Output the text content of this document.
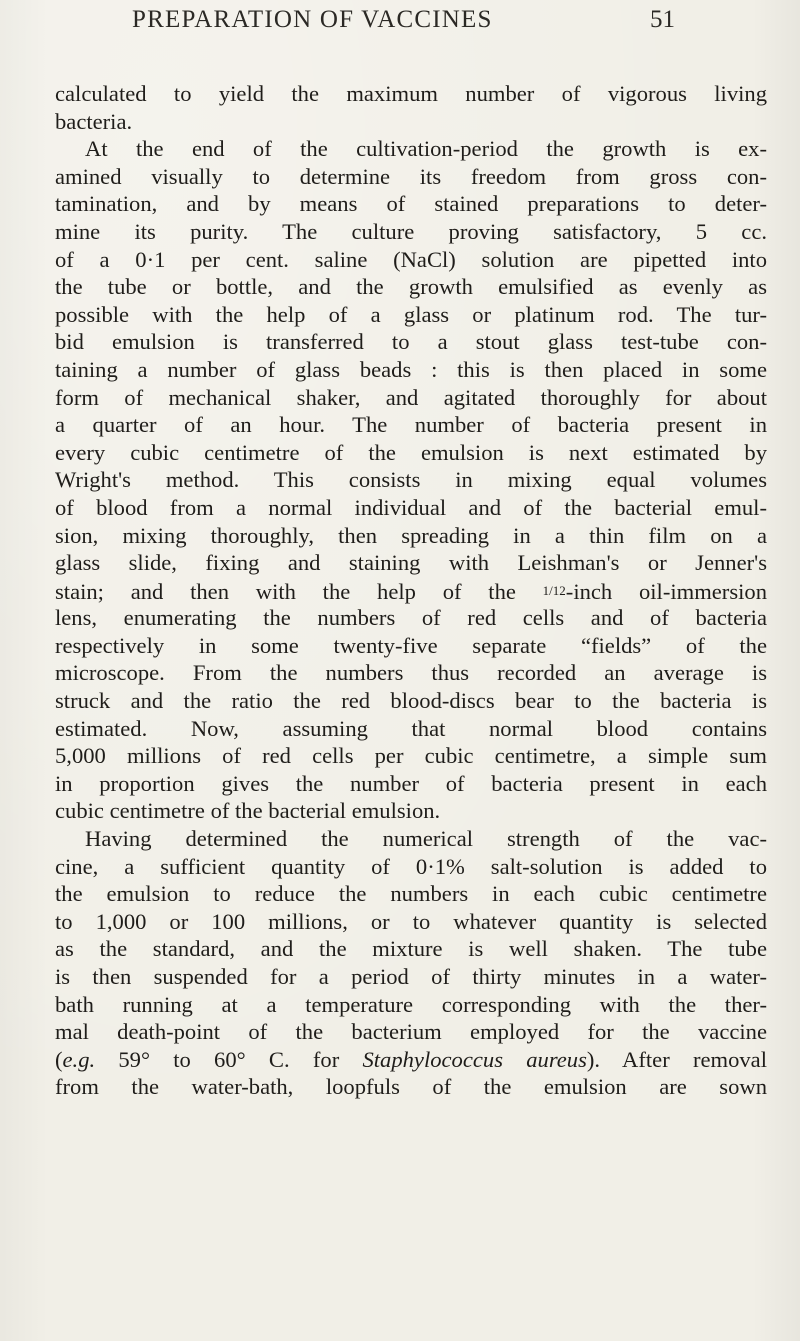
PREPARATION OF VACCINES	51
calculated to yield the maximum number of vigorous living
bacteria.
At the end of the cultivation-period the growth is ex-
amined visually to determine its freedom from gross con-
tamination, and by means of stained preparations to deter-
mine its purity. The culture proving satisfactory, 5 cc.
of a 0·1 per cent. saline (NaCl) solution are pipetted into
the tube or bottle, and the growth emulsified as evenly as
possible with the help of a glass or platinum rod. The tur-
bid emulsion is transferred to a stout glass test-tube con-
taining a number of glass beads : this is then placed in some
form of mechanical shaker, and agitated thoroughly for about
a quarter of an hour. The number of bacteria present in
every cubic centimetre of the emulsion is next estimated by
Wright's method. This consists in mixing equal volumes
of blood from a normal individual and of the bacterial emul-
sion, mixing thoroughly, then spreading in a thin film on a
glass slide, fixing and staining with Leishman's or Jenner's
stain; and then with the help of the 1/12-inch oil-immersion
lens, enumerating the numbers of red cells and of bacteria
respectively in some twenty-five separate “fields” of the
microscope. From the numbers thus recorded an average is
struck and the ratio the red blood-discs bear to the bacteria is
estimated. Now, assuming that normal blood contains
5,000 millions of red cells per cubic centimetre, a simple sum
in proportion gives the number of bacteria present in each
cubic centimetre of the bacterial emulsion.
Having determined the numerical strength of the vac-
cine, a sufficient quantity of 0·1% salt-solution is added to
the emulsion to reduce the numbers in each cubic centimetre
to 1,000 or 100 millions, or to whatever quantity is selected
as the standard, and the mixture is well shaken. The tube
is then suspended for a period of thirty minutes in a water-
bath running at a temperature corresponding with the ther-
mal death-point of the bacterium employed for the vaccine
(e.g. 59° to 60° C. for Staphylococcus aureus). After removal
from the water-bath, loopfuls of the emulsion are sown
